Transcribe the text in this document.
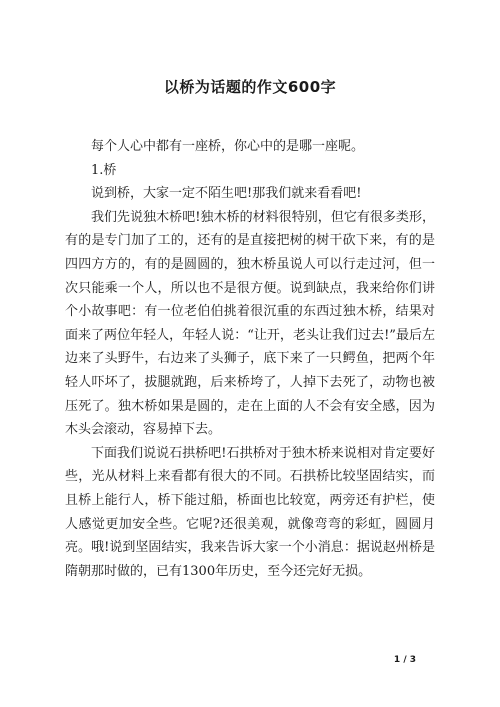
以桥为话题的作文600字

每个人心中都有一座桥，你心中的是哪一座呢。

1.桥

说到桥，大家一定不陌生吧!那我们就来看看吧!

我们先说独木桥吧!独木桥的材料很特别，但它有很多类形，有的是专门加了工的，还有的是直接把树的树干砍下来，有的是四四方方的，有的是圆圆的，独木桥虽说人可以行走过河，但一次只能乘一个人，所以也不是很方便。说到缺点，我来给你们讲个小故事吧：有一位老伯伯挑着很沉重的东西过独木桥，结果对面来了两位年轻人，年轻人说：“让开，老头让我们过去!”最后左边来了头野牛，右边来了头狮子，底下来了一只鳄鱼，把两个年轻人吓坏了，拔腿就跑，后来桥垮了，人掉下去死了，动物也被压死了。独木桥如果是圆的，走在上面的人不会有安全感，因为木头会滚动，容易掉下去。

下面我们说说石拱桥吧!石拱桥对于独木桥来说相对肯定要好些，光从材料上来看都有很大的不同。石拱桥比较坚固结实，而且桥上能行人，桥下能过船，桥面也比较宽，两旁还有护栏，使人感觉更加安全些。它呢?还很美观，就像弯弯的彩虹，圆圆月亮。哦!说到坚固结实，我来告诉大家一个小消息：据说赵州桥是隋朝那时做的，已有1300年历史，至今还完好无损。

1 / 3
